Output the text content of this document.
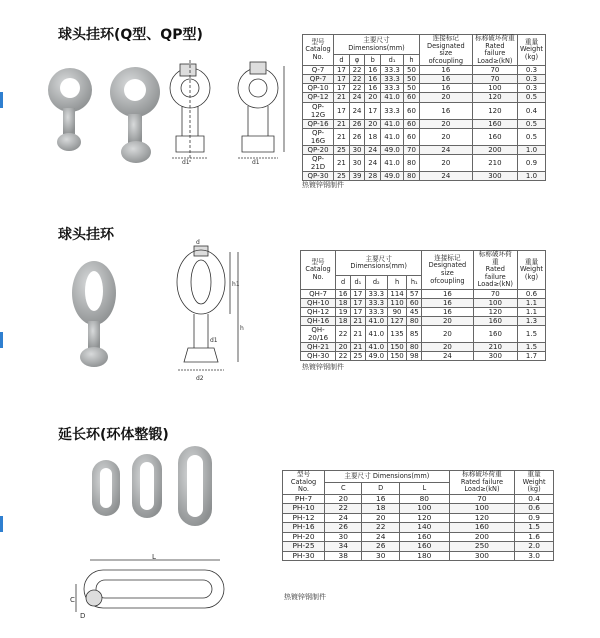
球头挂环(Q型、QP型)
d1	d1
型号
Catalog
No.	主要尺寸 Dimensions(mm)					连接标记
Designated size
ofcoupling	标称破坏荷重
Rated failure
Load≥(kN)	重量
Weight
(kg)
	d	φ	b	d₁	h			
Q-7	17	22	16	33.3	50	16	70	0.3
QP-7	17	22	16	33.3	50	16	70	0.3
QP-10	17	22	16	33.3	50	16	100	0.3
QP-12	21	24	20	41.0	60	20	120	0.5
QP-12G	17	24	17	33.3	60	16	120	0.4
QP-16	21	26	20	41.0	60	20	160	0.5
QP-16G	21	26	18	41.0	60	20	160	0.5
QP-20	25	30	24	49.0	70	24	200	1.0
QP-21D	21	30	24	41.0	80	20	210	0.9
QP-30	25	39	28	49.0	80	24	300	1.0
热镀锌钢制件
球头挂环	d
h1
h
d1
d2
型号
Catalog
No.	主要尺寸 Dimensions(mm)					连接标记
Designated size
ofcoupling	标称破坏荷重
Rated failure
Load≥(kN)	重量
Weight
(kg)
	d	d₁	d₂	h	h₁			
QH-7	16	17	33.3	114	57	16	70	0.6
QH-10	18	17	33.3	110	60	16	100	1.1
QH-12	19	17	33.3	90	45	16	120	1.1
QH-16	18	21	41.0	127	80	20	160	1.3
QH-20/16	22	21	41.0	135	85	20	160	1.5
QH-21	20	21	41.0	150	80	20	210	1.5
QH-30	22	25	49.0	150	98	24	300	1.7
热镀锌钢制件
延长环(环体整锻)
L
C
D
型号
Catalog
No.	主要尺寸 Dimensions(mm)			标称破坏荷重
Rated failure
Load≥(kN)	重量
Weight
(kg)
	C	D	L		
PH-7	20	16	80	70	0.4
PH-10	22	18	100	100	0.6
PH-12	24	20	120	120	0.9
PH-16	26	22	140	160	1.5
PH-20	30	24	160	200	1.6
PH-25	34	26	160	250	2.0
PH-30	38	30	180	300	3.0
热镀锌钢制件
